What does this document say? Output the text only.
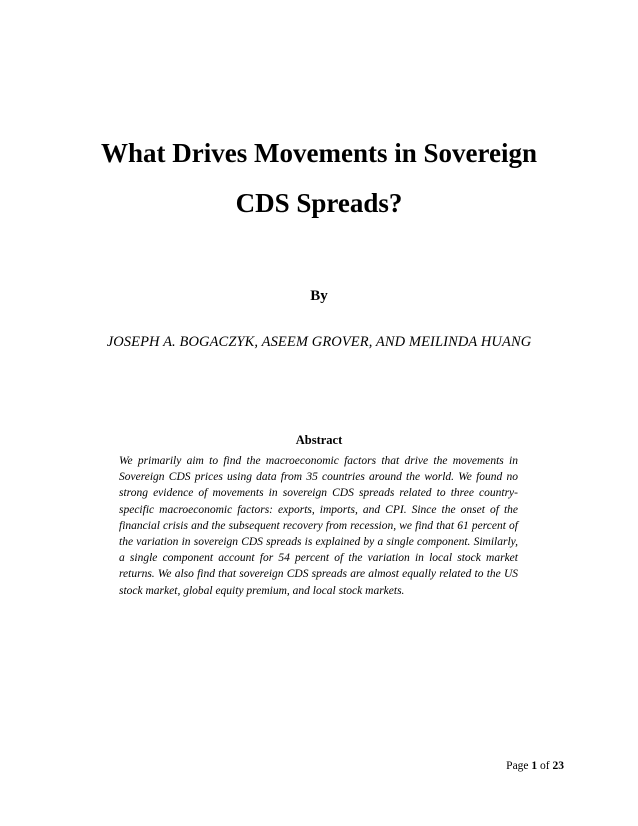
What Drives Movements in Sovereign
CDS Spreads?

By

JOSEPH A. BOGACZYK, ASEEM GROVER, AND MEILINDA HUANG

Abstract

We primarily aim to find the macroeconomic factors that drive the movements in Sovereign CDS prices using data from 35 countries around the world. We found no strong evidence of movements in sovereign CDS spreads related to three country-specific macroeconomic factors: exports, imports, and CPI. Since the onset of the financial crisis and the subsequent recovery from recession, we find that 61 percent of the variation in sovereign CDS spreads is explained by a single component. Similarly, a single component account for 54 percent of the variation in local stock market returns. We also find that sovereign CDS spreads are almost equally related to the US stock market, global equity premium, and local stock markets.

Page 1 of 23
